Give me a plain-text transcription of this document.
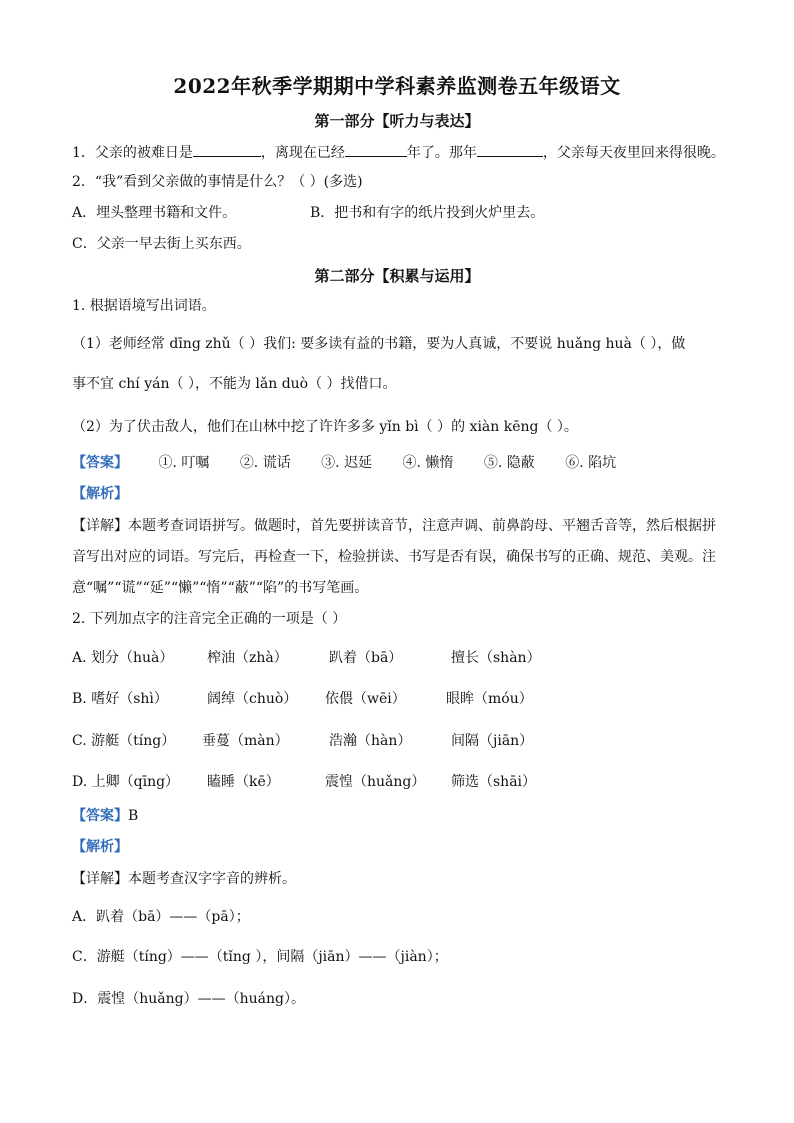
2022年秋季学期期中学科素养监测卷五年级语文
第一部分【听力与表达】
1．父亲的被难日是	，离现在已经	年了。那年	，父亲每天夜里回来得很晚。
2．“我”看到父亲做的事情是什么？（ ）(多选)
A．埋头整理书籍和文件。	B．把书和有字的纸片投到火炉里去。
C．父亲一早去街上买东西。
第二部分【积累与运用】
1. 根据语境写出词语。
（1）老师经常 dīng zhǔ（ ）我们: 要多读有益的书籍，要为人真诚，不要说 huǎng huà（ ），做
事不宜 chí yán（ ），不能为 lǎn duò（ ）找借口。
（2）为了伏击敌人，他们在山林中挖了许许多多 yǐn bì（ ）的 xiàn kēng（ ）。
【答案】 ①. 叮嘱 ②. 谎话 ③. 迟延 ④. 懒惰 ⑤. 隐蔽 ⑥. 陷坑
【解析】
【详解】本题考查词语拼写。做题时，首先要拼读音节，注意声调、前鼻韵母、平翘舌音等，然后根据拼
音写出对应的词语。写完后，再检查一下，检验拼读、书写是否有误，确保书写的正确、规范、美观。注
意“嘱”“谎”“延”“懒”“惰”“蔽”“陷”的书写笔画。
2. 下列加点字的注音完全正确的一项是（ ）
A. 划分（huà） 榨油（zhà）	趴着（bā）	擅长（shàn）
B. 嗜好（shì）	阔绰（chuò） 依偎（wēi）	眼眸（móu）
C. 游艇（tíng） 垂蔓（màn）	浩瀚（hàn）	间隔（jiān）
D. 上卿（qīng） 瞌睡（kē）	震惶（huǎng） 筛选（shāi）
【答案】B
【解析】
【详解】本题考查汉字字音的辨析。
A．趴着（bā）——（pā）；
C．游艇（tíng）——（tǐng ），间隔（jiān）——（jiàn）；
D．震惶（huǎng）——（huáng）。
